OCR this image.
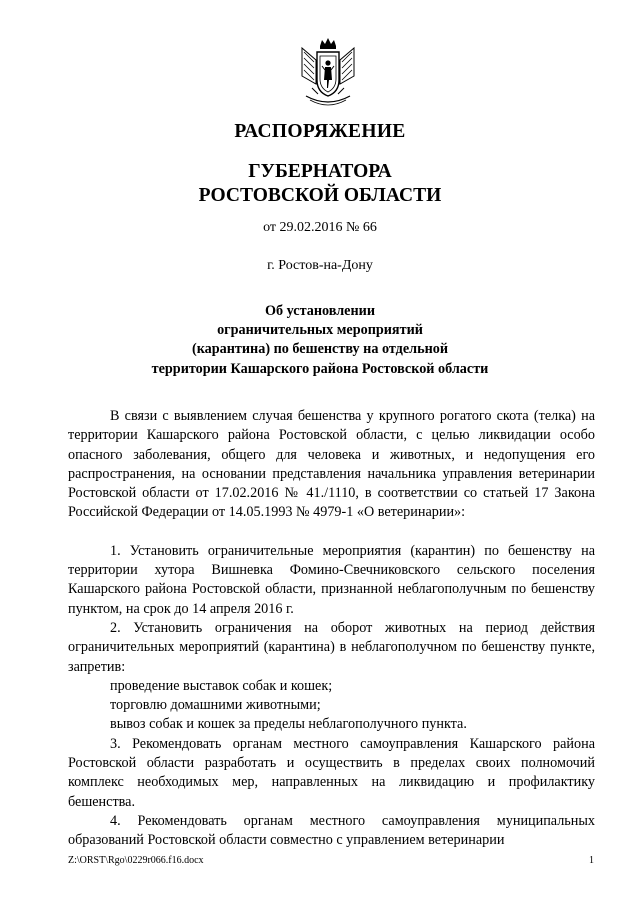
РАСПОРЯЖЕНИЕ
ГУБЕРНАТОРА
РОСТОВСКОЙ ОБЛАСТИ
от 29.02.2016 № 66
г. Ростов-на-Дону
Об установлении
ограничительных мероприятий
(карантина) по бешенству на отдельной
территории Кашарского района Ростовской области

В связи с выявлением случая бешенства у крупного рогатого скота (телка) на территории Кашарского района Ростовской области, с целью ликвидации особо опасного заболевания, общего для человека и животных, и недопущения его распространения, на основании представления начальника управления ветеринарии Ростовской области от 17.02.2016 № 41./1110, в соответствии со статьей 17 Закона Российской Федерации от 14.05.1993 № 4979-1 «О ветеринарии»:

1. Установить ограничительные мероприятия (карантин) по бешенству на территории хутора Вишневка Фомино-Свечниковского сельского поселения Кашарского района Ростовской области, признанной неблагополучным по бешенству пунктом, на срок до 14 апреля 2016 г.

2. Установить ограничения на оборот животных на период действия ограничительных мероприятий (карантина) в неблагополучном по бешенству пункте, запретив:

проведение выставок собак и кошек;

торговлю домашними животными;

вывоз собак и кошек за пределы неблагополучного пункта.

3. Рекомендовать органам местного самоуправления Кашарского района Ростовской области разработать и осуществить в пределах своих полномочий комплекс необходимых мер, направленных на ликвидацию и профилактику бешенства.

4. Рекомендовать органам местного самоуправления муниципальных образований Ростовской области совместно с управлением ветеринарии

Z:\ORST\Rgo\0229r066.f16.docx	1
